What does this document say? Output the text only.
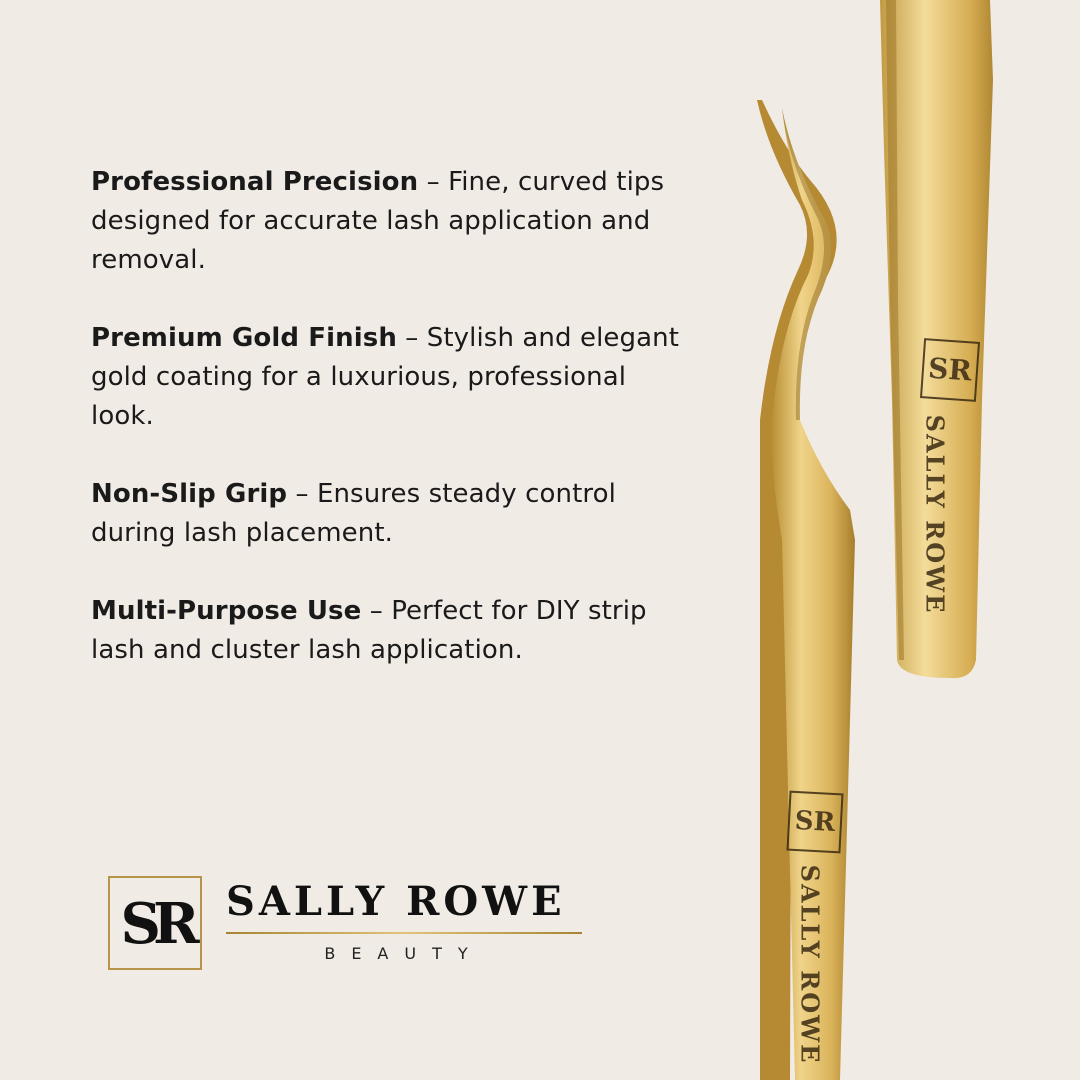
Professional Precision – Fine, curved tips designed for accurate lash application and removal.

Premium Gold Finish – Stylish and elegant gold coating for a luxurious, professional look.

Non-Slip Grip – Ensures steady control during lash placement.

Multi-Purpose Use – Perfect for DIY strip lash and cluster lash application.

SR SALLY ROWE
BEAUTY
SR
SALLY ROWE
SR
SALLY ROWE
